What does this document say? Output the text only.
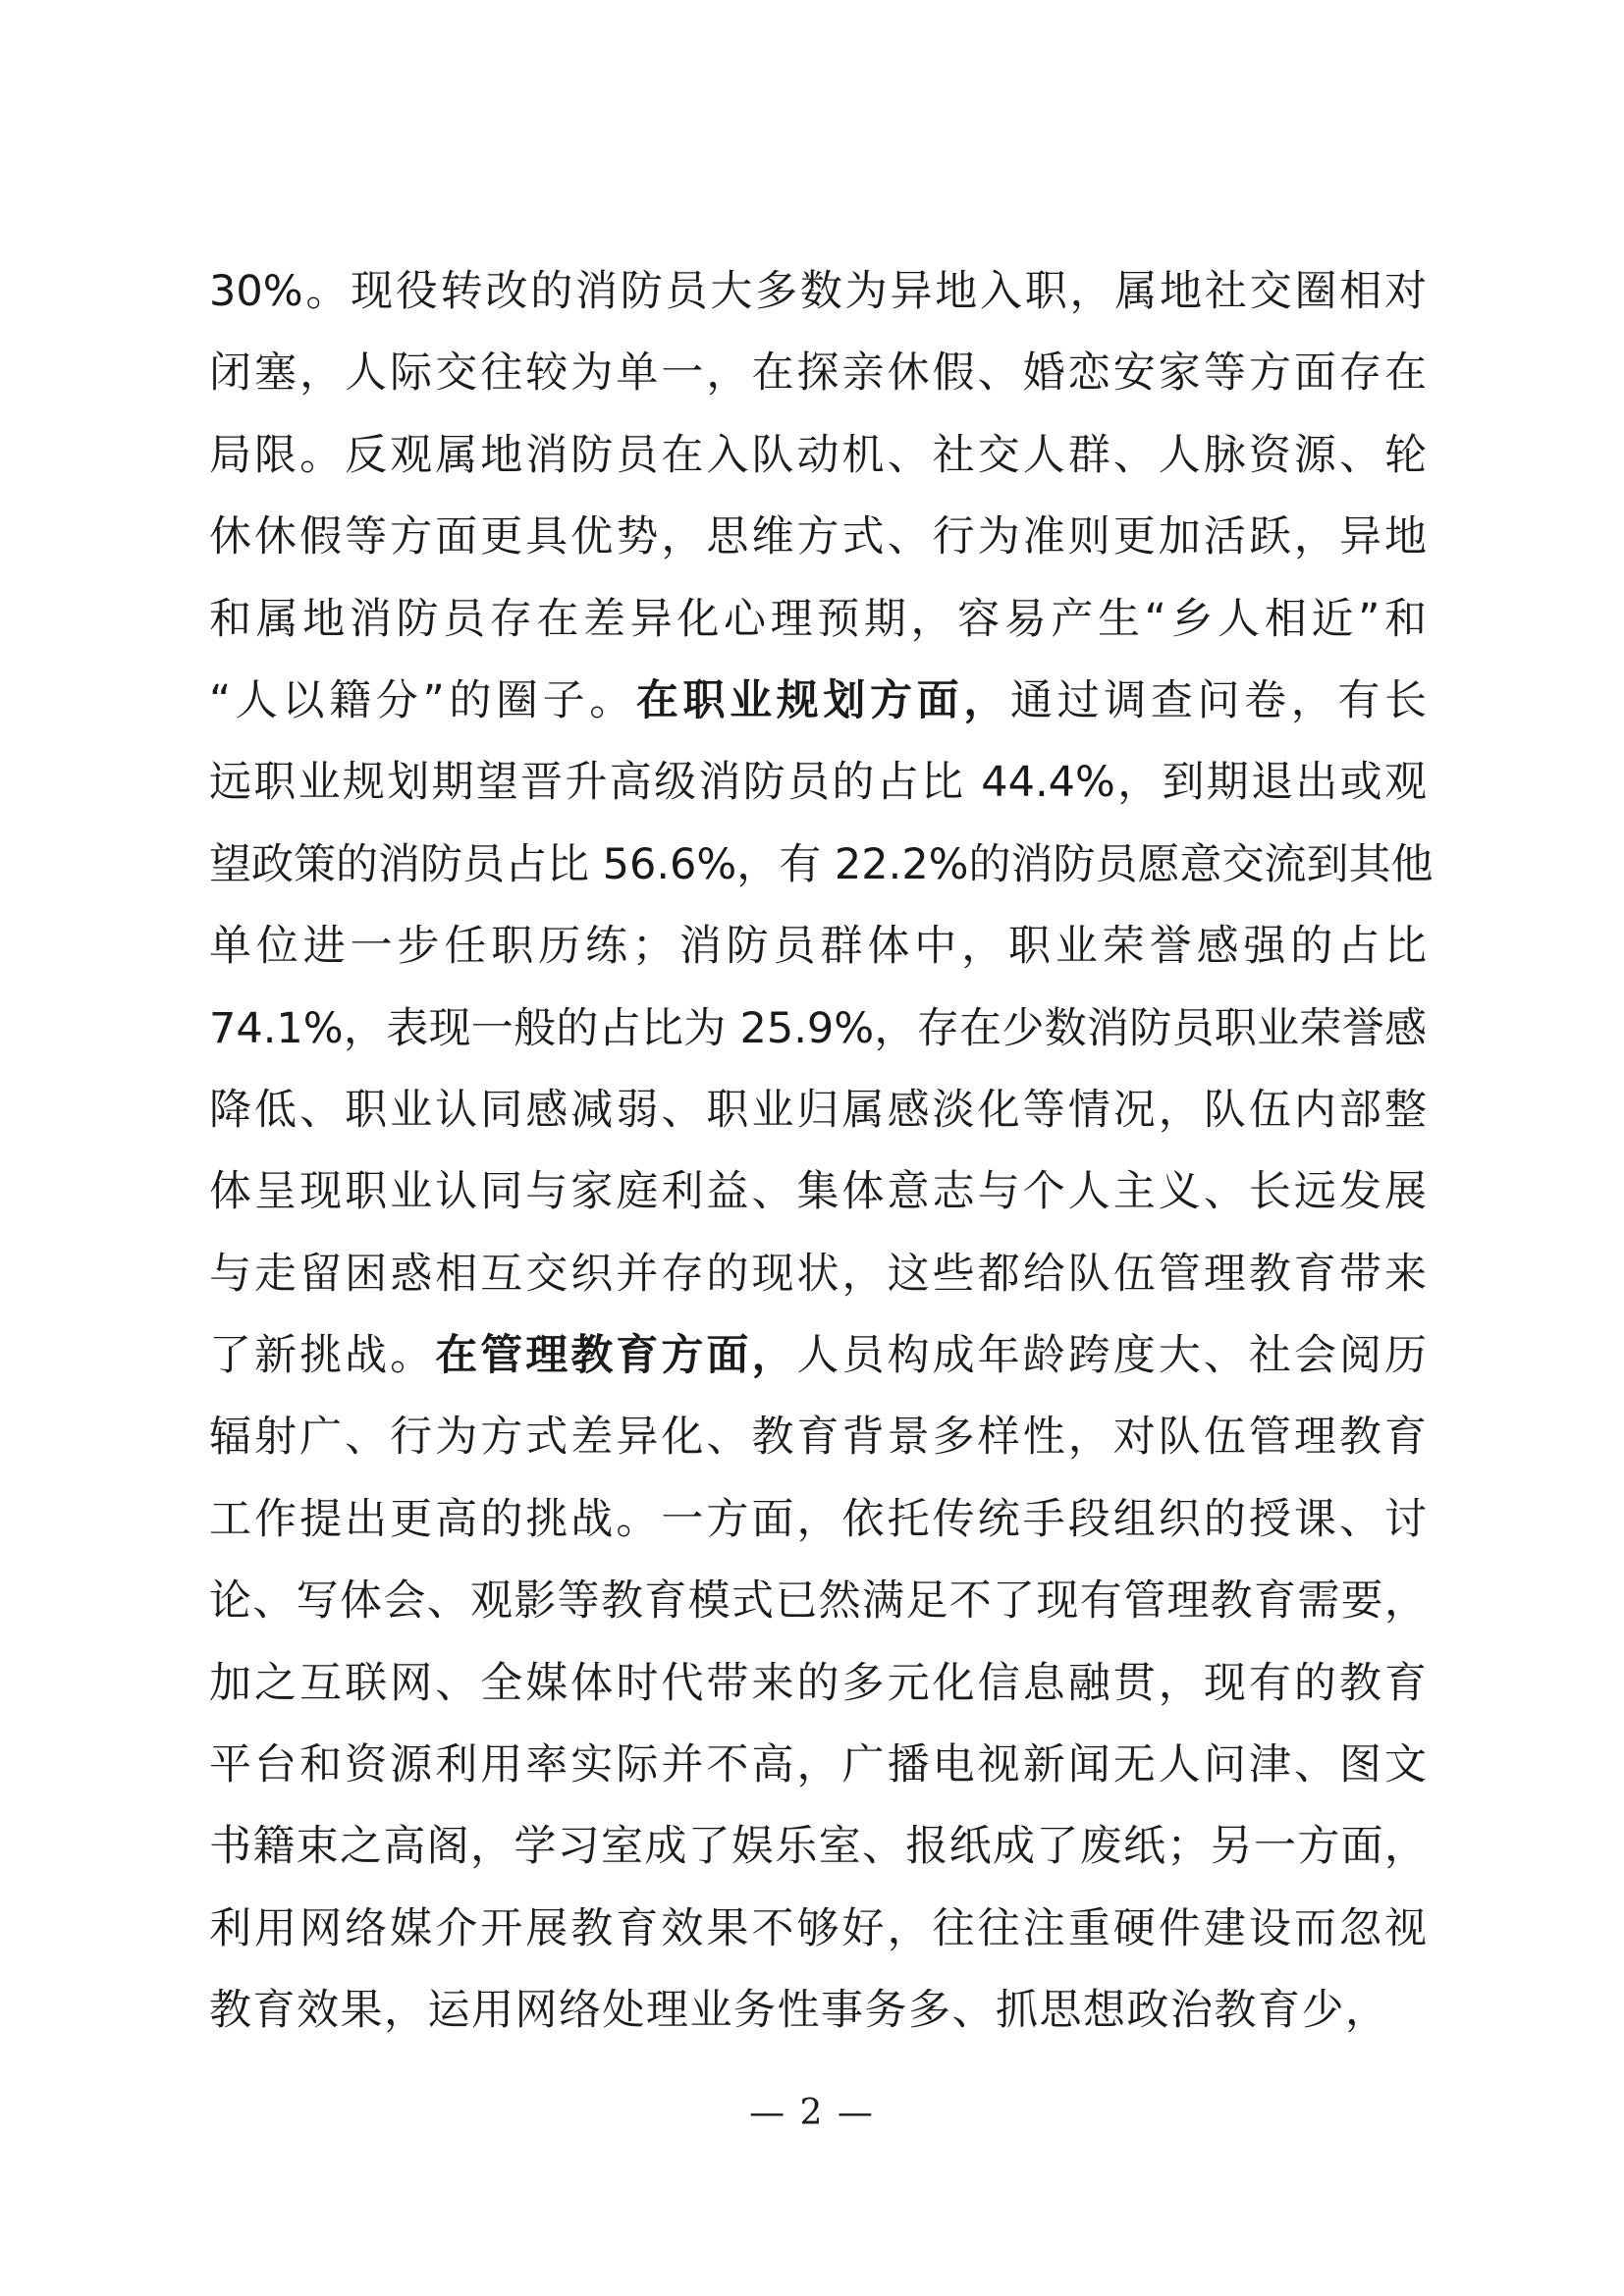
30%。现役转改的消防员大多数为异地入职，属地社交圈相对
闭塞，人际交往较为单一，在探亲休假、婚恋安家等方面存在
局限。反观属地消防员在入队动机、社交人群、人脉资源、轮
休休假等方面更具优势，思维方式、行为准则更加活跃，异地
和属地消防员存在差异化心理预期，容易产生“乡人相近”和
“人以籍分”的圈子。在职业规划方面，通过调查问卷，有长
远职业规划期望晋升高级消防员的占比 44.4%，到期退出或观
望政策的消防员占比 56.6%，有 22.2%的消防员愿意交流到其他
单位进一步任职历练；消防员群体中，职业荣誉感强的占比
74.1%，表现一般的占比为 25.9%，存在少数消防员职业荣誉感
降低、职业认同感减弱、职业归属感淡化等情况，队伍内部整
体呈现职业认同与家庭利益、集体意志与个人主义、长远发展
与走留困惑相互交织并存的现状，这些都给队伍管理教育带来
了新挑战。在管理教育方面，人员构成年龄跨度大、社会阅历
辐射广、行为方式差异化、教育背景多样性，对队伍管理教育
工作提出更高的挑战。一方面，依托传统手段组织的授课、讨
论、写体会、观影等教育模式已然满足不了现有管理教育需要，
加之互联网、全媒体时代带来的多元化信息融贯，现有的教育
平台和资源利用率实际并不高，广播电视新闻无人问津、图文
书籍束之高阁，学习室成了娱乐室、报纸成了废纸；另一方面，
利用网络媒介开展教育效果不够好，往往注重硬件建设而忽视
教育效果，运用网络处理业务性事务多、抓思想政治教育少，
— 2 —
